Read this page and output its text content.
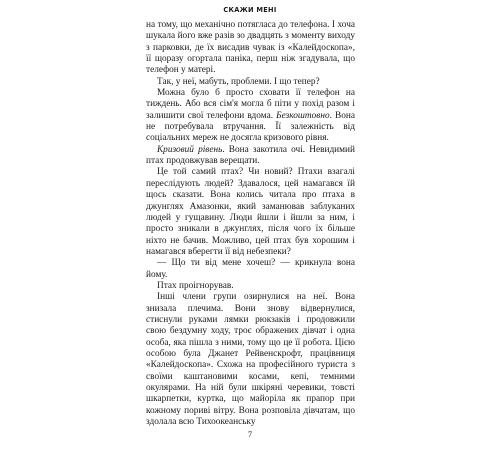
СКАЖИ МЕНІ

на тому, що механічно потягласа до телефона. І хоча шукала його вже разів зо двадцять з моменту виходу з парковки, де їх висадив чувак із «Калейдоскопа», її щоразу огортала паніка, перш ніж згадувала, що телефон у матері.

Так, у неї, мабуть, проблеми. І що тепер?

Можна було б просто сховати її телефон на тиждень. Або вся сім'я могла б піти у похід разом і залишити свої телефони вдома. Безкоштовно. Вона не потребувала втручання. Її залежність від соціальних мереж не досягла кризового рівня.

Кризовий рівень. Вона закотила очі. Невидимий птах продовжував верещати.

Це той самий птах? Чи новий? Птахи взагалі переслідують людей? Здавалося, цей намагався їй щось сказати. Вона колись читала про птаха в джунглях Амазонки, який заманював заблуканих людей у гущавину. Люди йшли і йшли за ним, і просто зникали в джунглях, після чого їх більше ніхто не бачив. Можливо, цей птах був хорошим і намагався вберегти її від небезпеки?

— Що ти від мене хочеш? — крикнула вона йому.

Птах проігнорував.

Інші члени групи озирнулися на неї. Вона знизала плечима. Вони знову відвернулися, стиснули руками лямки рюкзаків і продовжили свою бездумну ходу, троє ображених дівчат і одна особа, яка пішла з ними, тому що це її робота. Цією особою була Джанет Рейвенскрофт, працівниця «Калейдоскопа». Схожа на професійного туриста з своїми каштановими косами, кепі, темними окулярами. На ній були шкіряні черевики, товсті шкарпетки, куртка, що майоріла як прапор при кожному пориві вітру. Вона розповіла дівчатам, що здолала всю Тихоокеанську

7
